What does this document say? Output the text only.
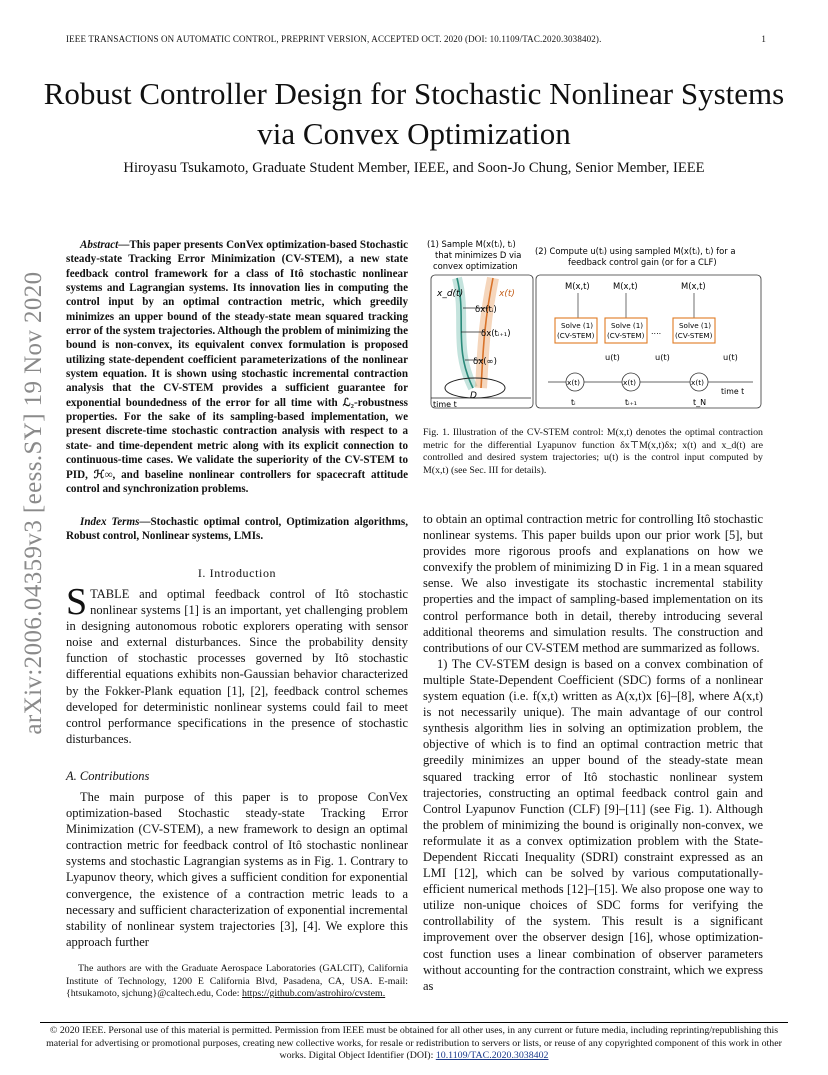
IEEE TRANSACTIONS ON AUTOMATIC CONTROL, PREPRINT VERSION, ACCEPTED OCT. 2020 (DOI: 10.1109/TAC.2020.3038402).	1
Robust Controller Design for Stochastic Nonlinear Systems via Convex Optimization
Hiroyasu Tsukamoto, Graduate Student Member, IEEE, and Soon-Jo Chung, Senior Member, IEEE
arXiv:2006.04359v3 [eess.SY] 19 Nov 2020
Abstract—This paper presents ConVex optimization-based Stochastic steady-state Tracking Error Minimization (CV-STEM), a new state feedback control framework for a class of Itô stochastic nonlinear systems and Lagrangian systems. Its innovation lies in computing the control input by an optimal contraction metric, which greedily minimizes an upper bound of the steady-state mean squared tracking error of the system trajectories. Although the problem of minimizing the bound is non-convex, its equivalent convex formulation is proposed utilizing state-dependent coefficient parameterizations of the nonlinear system equation. It is shown using stochastic incremental contraction analysis that the CV-STEM provides a sufficient guarantee for exponential boundedness of the error for all time with ℒ₂-robustness properties. For the sake of its sampling-based implementation, we present discrete-time stochastic contraction analysis with respect to a state- and time-dependent metric along with its explicit connection to continuous-time cases. We validate the superiority of the CV-STEM to PID, ℋ∞, and baseline nonlinear controllers for spacecraft attitude control and synchronization problems.
Index Terms—Stochastic optimal control, Optimization algorithms, Robust control, Nonlinear systems, LMIs.
I. Introduction
STABLE and optimal feedback control of Itô stochastic nonlinear systems [1] is an important, yet challenging problem in designing autonomous robotic explorers operating with sensor noise and external disturbances. Since the probability density function of stochastic processes governed by Itô stochastic differential equations exhibits non-Gaussian behavior characterized by the Fokker-Plank equation [1], [2], feedback control schemes developed for deterministic nonlinear systems could fail to meet control performance specifications in the presence of stochastic disturbances.
A. Contributions
The main purpose of this paper is to propose ConVex optimization-based Stochastic steady-state Tracking Error Minimization (CV-STEM), a new framework to design an optimal contraction metric for feedback control of Itô stochastic nonlinear systems and stochastic Lagrangian systems as in Fig. 1. Contrary to Lyapunov theory, which gives a sufficient condition for exponential convergence, the existence of a contraction metric leads to a necessary and sufficient characterization of exponential incremental stability of nonlinear system trajectories [3], [4]. We explore this approach further
The authors are with the Graduate Aerospace Laboratories (GALCIT), California Institute of Technology, 1200 E California Blvd, Pasadena, CA, USA. E-mail: {htsukamoto, sjchung}@caltech.edu, Code: https://github.com/astrohiro/cvstem.
(1) Sample M(x(tᵢ), tᵢ) that minimizes D via convex optimization
(2) Compute u(tᵢ) using sampled M(x(tᵢ), tᵢ) for a feedback control gain (or for a CLF)
x_d(t)	x(t)
δx(tᵢ)
δx(tᵢ₊₁)
δx(∞)
D
time t
M(x,t)	M(x,t)	M(x,t)
Solve (1)
(CV-STEM)
Solve (1)
(CV-STEM) ....
Solve (1)
(CV-STEM)
u(t)	u(t)	u(t)
x(t)	x(t)	x(t)
time t
tᵢ	tᵢ₊₁	t_N
Fig. 1. Illustration of the CV-STEM control: M(x,t) denotes the optimal contraction metric for the differential Lyapunov function δx⊤M(x,t)δx; x(t) and x_d(t) are controlled and desired system trajectories; u(t) is the control input computed by M(x,t) (see Sec. III for details).

to obtain an optimal contraction metric for controlling Itô stochastic nonlinear systems. This paper builds upon our prior work [5], but provides more rigorous proofs and explanations on how we convexify the problem of minimizing D in Fig. 1 in a mean squared sense. We also investigate its stochastic incremental stability properties and the impact of sampling-based implementation on its control performance both in detail, thereby introducing several additional theorems and simulation results. The construction and contributions of our CV-STEM method are summarized as follows.

1) The CV-STEM design is based on a convex combination of multiple State-Dependent Coefficient (SDC) forms of a nonlinear system equation (i.e. f(x,t) written as A(x,t)x [6]–[8], where A(x,t) is not necessarily unique). The main advantage of our control synthesis algorithm lies in solving an optimization problem, the objective of which is to find an optimal contraction metric that greedily minimizes an upper bound of the steady-state mean squared tracking error of Itô stochastic nonlinear system trajectories, constructing an optimal feedback control gain and Control Lyapunov Function (CLF) [9]–[11] (see Fig. 1). Although the problem of minimizing the bound is originally non-convex, we reformulate it as a convex optimization problem with the State-Dependent Riccati Inequality (SDRI) constraint expressed as an LMI [12], which can be solved by various computationally-efficient numerical methods [12]–[15]. We also propose one way to utilize non-unique choices of SDC forms for verifying the controllability of the system. This result is a significant improvement over the observer design [16], whose optimization-cost function uses a linear combination of observer parameters without accounting for the contraction constraint, which we express as

© 2020 IEEE. Personal use of this material is permitted. Permission from IEEE must be obtained for all other uses, in any current or future media, including reprinting/republishing this material for advertising or promotional purposes, creating new collective works, for resale or redistribution to servers or lists, or reuse of any copyrighted component of this work in other works. Digital Object Identifier (DOI): 10.1109/TAC.2020.3038402
